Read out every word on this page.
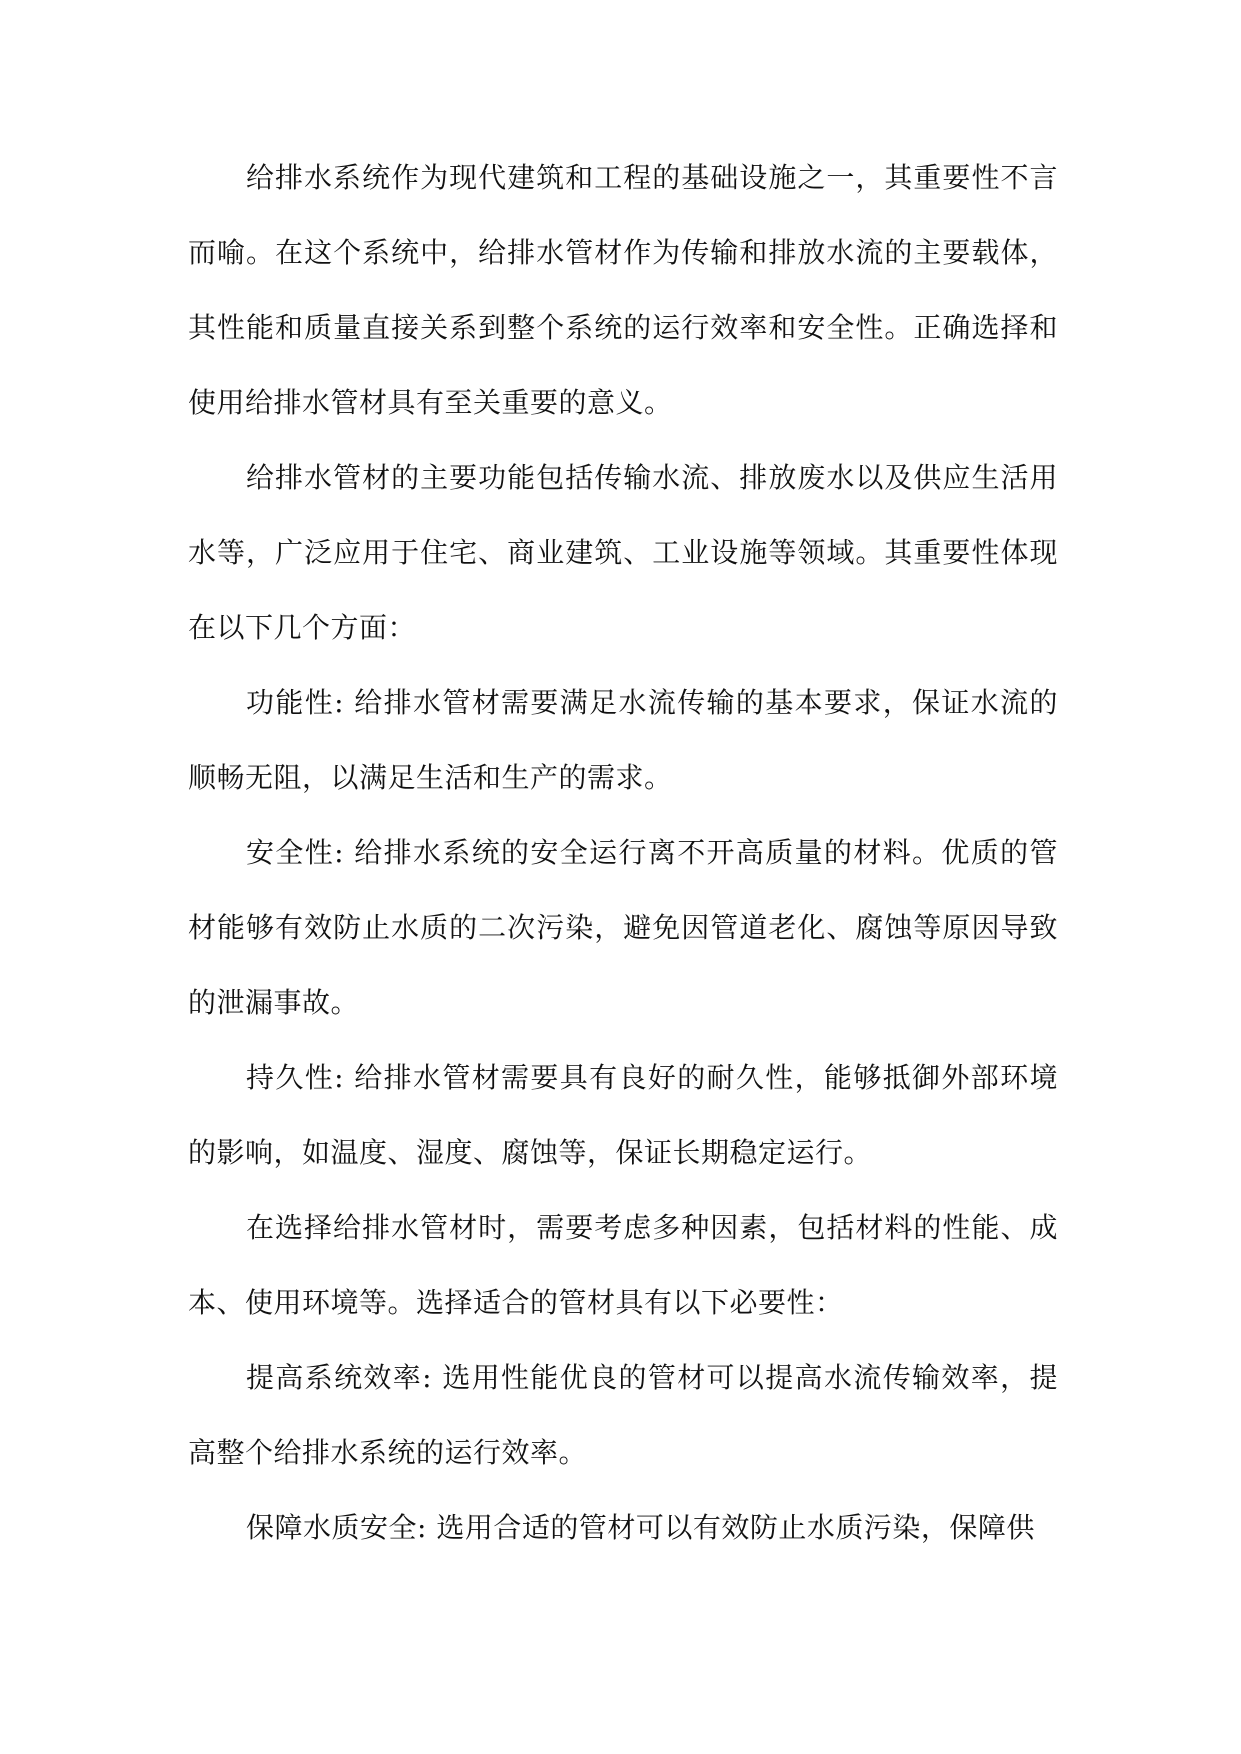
给排水系统作为现代建筑和工程的基础设施之一，其重要性不言而喻。在这个系统中，给排水管材作为传输和排放水流的主要载体，其性能和质量直接关系到整个系统的运行效率和安全性。正确选择和使用给排水管材具有至关重要的意义。

给排水管材的主要功能包括传输水流、排放废水以及供应生活用水等，广泛应用于住宅、商业建筑、工业设施等领域。其重要性体现在以下几个方面：

功能性: 给排水管材需要满足水流传输的基本要求，保证水流的顺畅无阻，以满足生活和生产的需求。

安全性: 给排水系统的安全运行离不开高质量的材料。优质的管材能够有效防止水质的二次污染，避免因管道老化、腐蚀等原因导致的泄漏事故。

持久性: 给排水管材需要具有良好的耐久性，能够抵御外部环境的影响，如温度、湿度、腐蚀等，保证长期稳定运行。

在选择给排水管材时，需要考虑多种因素，包括材料的性能、成本、使用环境等。选择适合的管材具有以下必要性：

提高系统效率: 选用性能优良的管材可以提高水流传输效率，提高整个给排水系统的运行效率。

保障水质安全: 选用合适的管材可以有效防止水质污染，保障供
